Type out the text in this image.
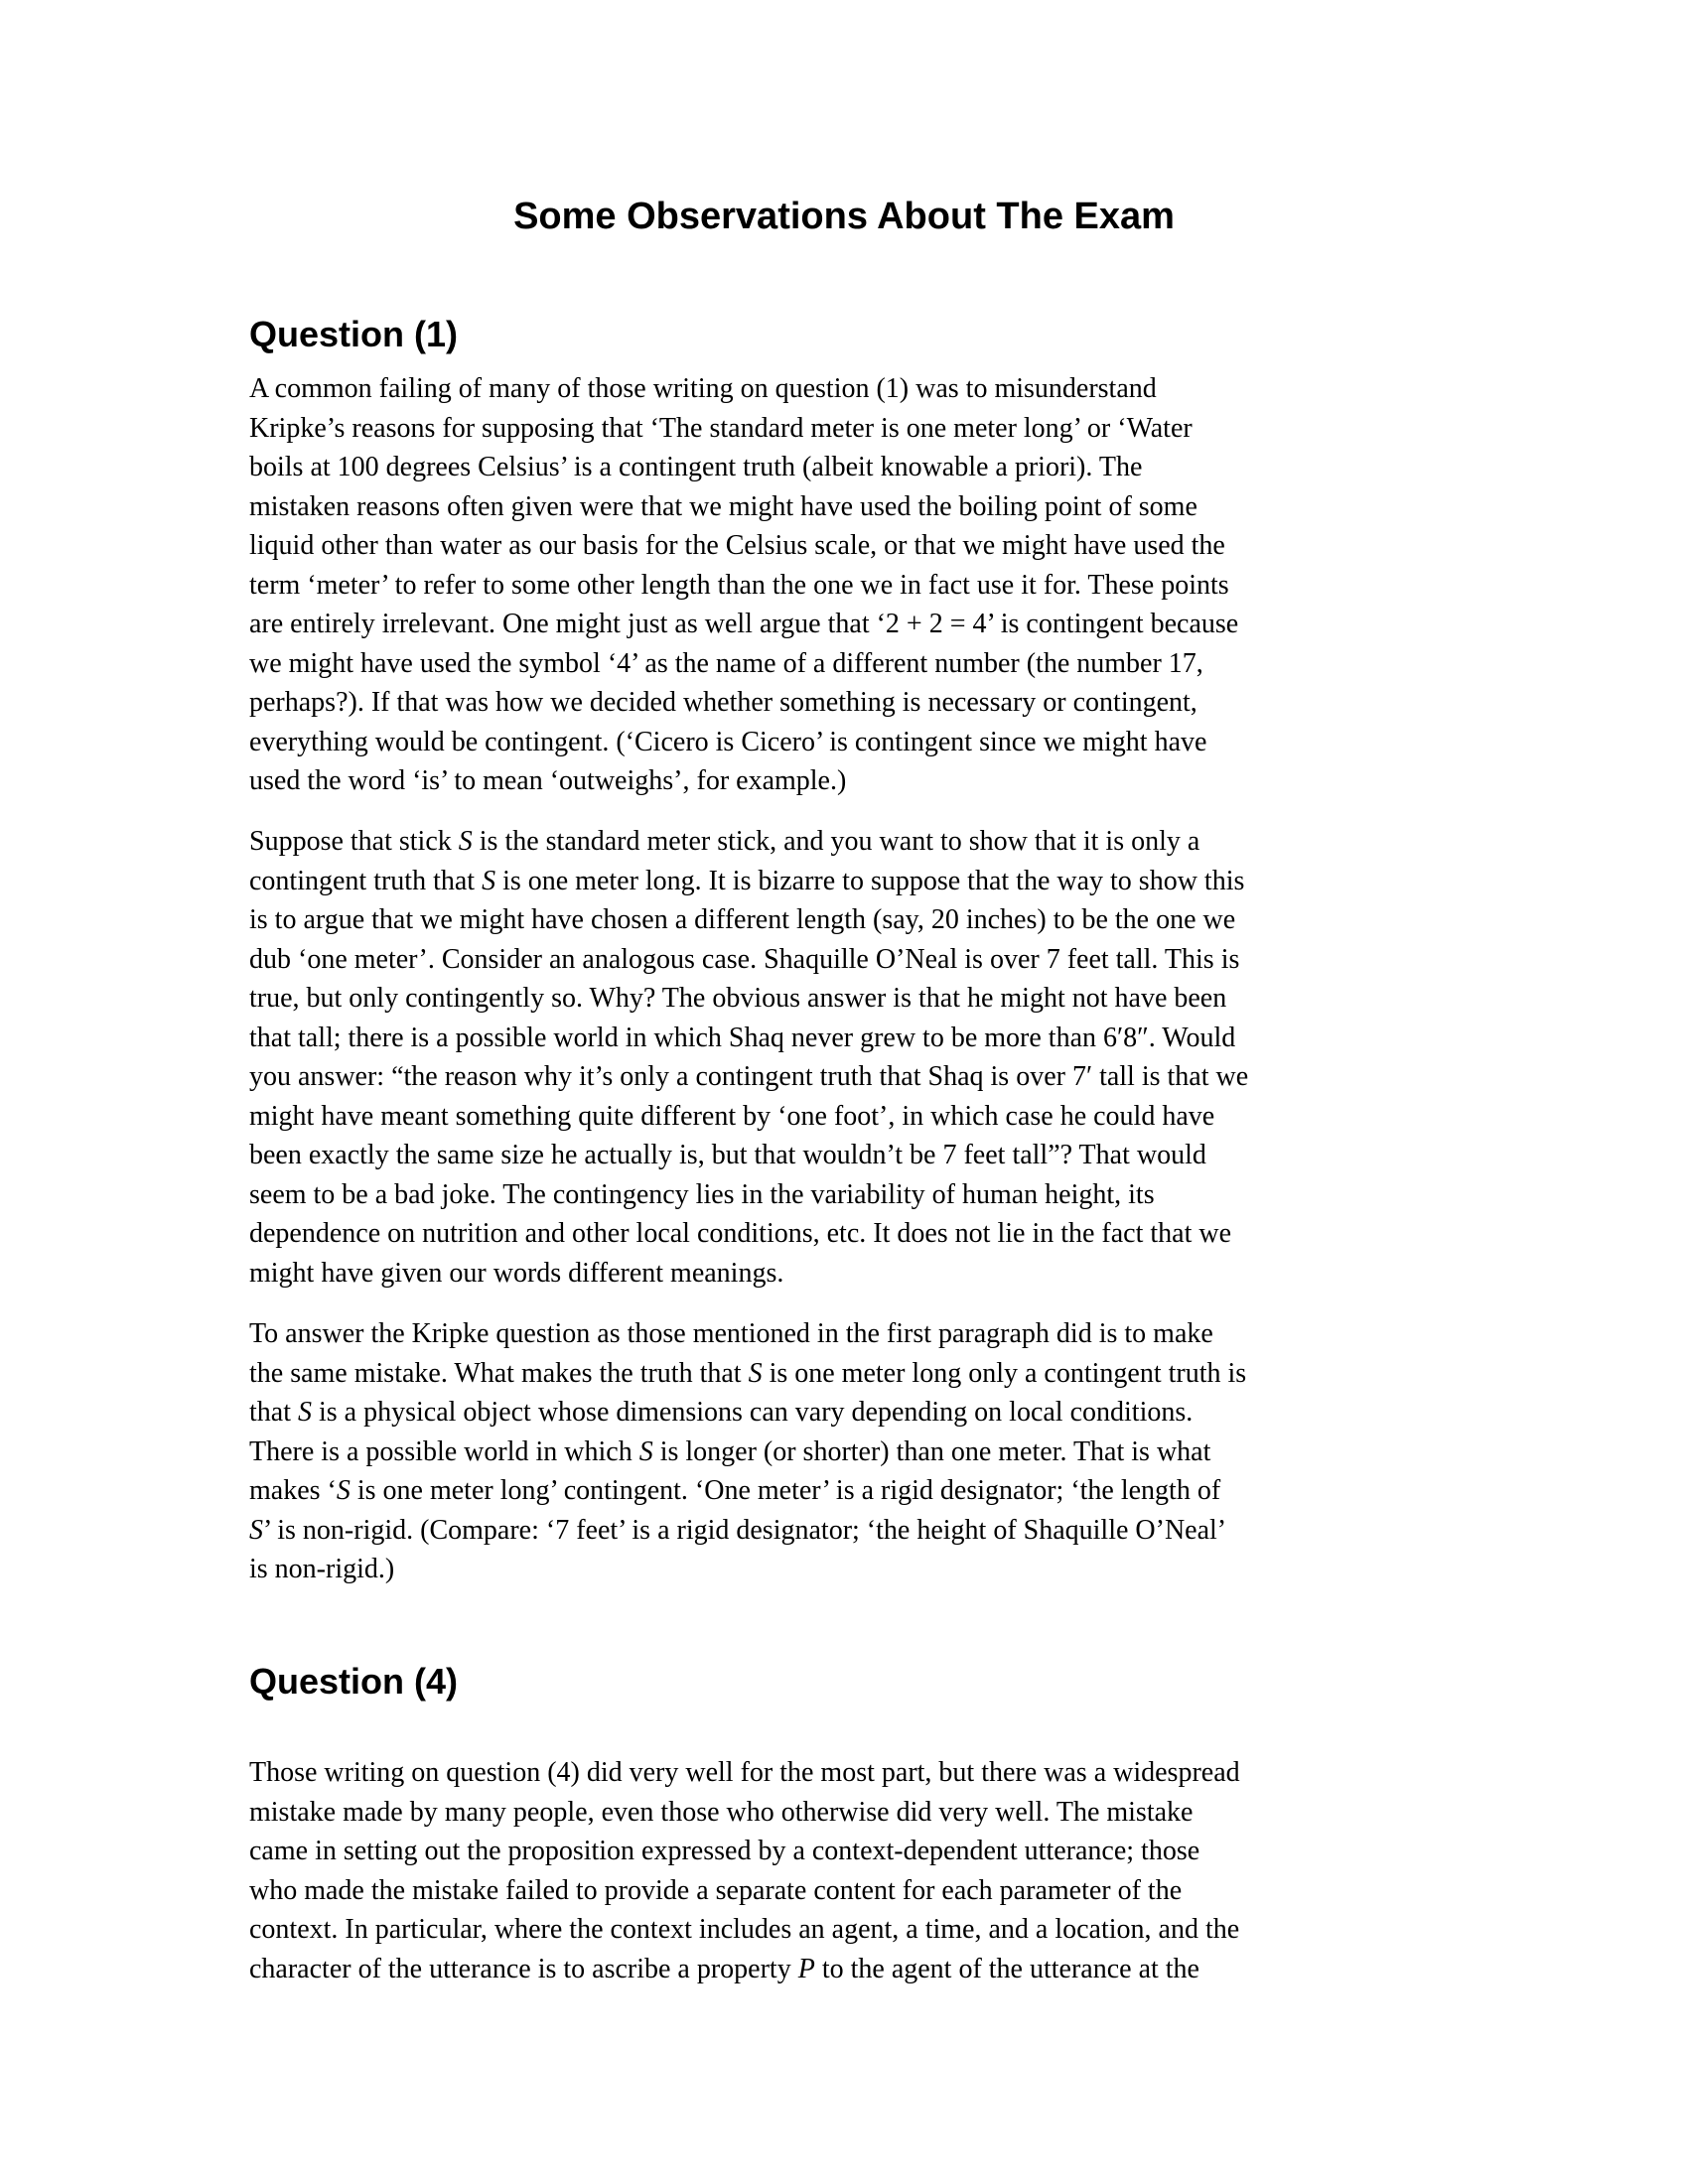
Some Observations About The Exam
Question (1)

A common failing of many of those writing on question (1) was to misunderstand
Kripke’s reasons for supposing that ‘The standard meter is one meter long’ or ‘Water
boils at 100 degrees Celsius’ is a contingent truth (albeit knowable a priori). The
mistaken reasons often given were that we might have used the boiling point of some
liquid other than water as our basis for the Celsius scale, or that we might have used the
term ‘meter’ to refer to some other length than the one we in fact use it for. These points
are entirely irrelevant. One might just as well argue that ‘2 + 2 = 4’ is contingent because
we might have used the symbol ‘4’ as the name of a different number (the number 17,
perhaps?). If that was how we decided whether something is necessary or contingent,
everything would be contingent. (‘Cicero is Cicero’ is contingent since we might have
used the word ‘is’ to mean ‘outweighs’, for example.)

Suppose that stick S is the standard meter stick, and you want to show that it is only a
contingent truth that S is one meter long. It is bizarre to suppose that the way to show this
is to argue that we might have chosen a different length (say, 20 inches) to be the one we
dub ‘one meter’. Consider an analogous case. Shaquille O’Neal is over 7 feet tall. This is
true, but only contingently so. Why? The obvious answer is that he might not have been
that tall; there is a possible world in which Shaq never grew to be more than 6′8″. Would
you answer: “the reason why it’s only a contingent truth that Shaq is over 7′ tall is that we
might have meant something quite different by ‘one foot’, in which case he could have
been exactly the same size he actually is, but that wouldn’t be 7 feet tall”? That would
seem to be a bad joke. The contingency lies in the variability of human height, its
dependence on nutrition and other local conditions, etc. It does not lie in the fact that we
might have given our words different meanings.

To answer the Kripke question as those mentioned in the first paragraph did is to make
the same mistake. What makes the truth that S is one meter long only a contingent truth is
that S is a physical object whose dimensions can vary depending on local conditions.
There is a possible world in which S is longer (or shorter) than one meter. That is what
makes ‘S is one meter long’ contingent. ‘One meter’ is a rigid designator; ‘the length of
S’ is non-rigid. (Compare: ‘7 feet’ is a rigid designator; ‘the height of Shaquille O’Neal’
is non-rigid.)

Question (4)

Those writing on question (4) did very well for the most part, but there was a widespread
mistake made by many people, even those who otherwise did very well. The mistake
came in setting out the proposition expressed by a context-dependent utterance; those
who made the mistake failed to provide a separate content for each parameter of the
context. In particular, where the context includes an agent, a time, and a location, and the
character of the utterance is to ascribe a property P to the agent of the utterance at the
